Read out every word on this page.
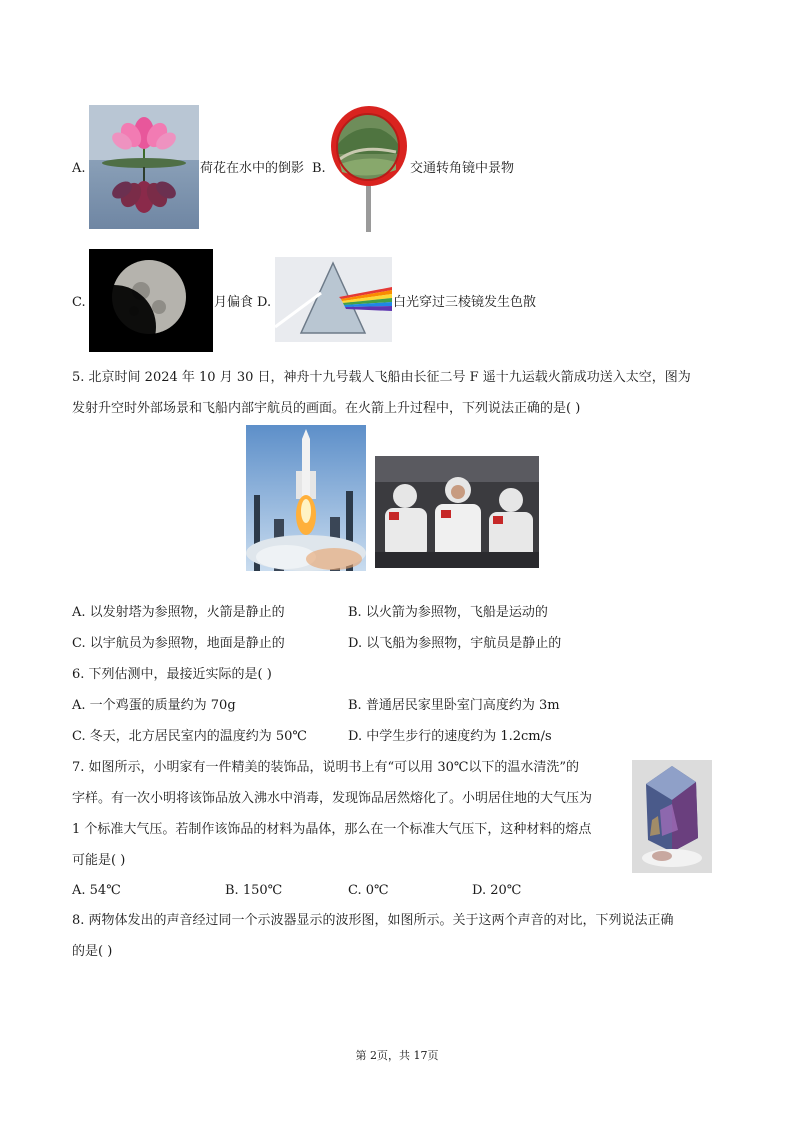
A.	荷花在水中的倒影 B.	交通转角镜中景物
C.	月偏食 D.	白光穿过三棱镜发生色散

5. 北京时间 2024 年 10 月 30 日，神舟十九号载人飞船由长征二号 F 遥十九运载火箭成功送入太空，图为

发射升空时外部场景和飞船内部宇航员的画面。在火箭上升过程中，下列说法正确的是( )

A. 以发射塔为参照物，火箭是静止的	B. 以火箭为参照物，飞船是运动的
C. 以宇航员为参照物，地面是静止的	D. 以飞船为参照物，宇航员是静止的
6. 下列估测中，最接近实际的是( )
A. 一个鸡蛋的质量约为 70g	B. 普通居民家里卧室门高度约为 3m
C. 冬天，北方居民室内的温度约为 50℃	D. 中学生步行的速度约为 1.2cm/s

7. 如图所示，小明家有一件精美的装饰品，说明书上有“可以用 30℃以下的温水清洗”的

字样。有一次小明将该饰品放入沸水中消毒，发现饰品居然熔化了。小明居住地的大气压为

1 个标准大气压。若制作该饰品的材料为晶体，那么在一个标准大气压下，这种材料的熔点

可能是( )

A. 54℃	B. 150℃	C. 0℃	D. 20℃

8. 两物体发出的声音经过同一个示波器显示的波形图，如图所示。关于这两个声音的对比，下列说法正确

的是( )

第 2页，共 17页
